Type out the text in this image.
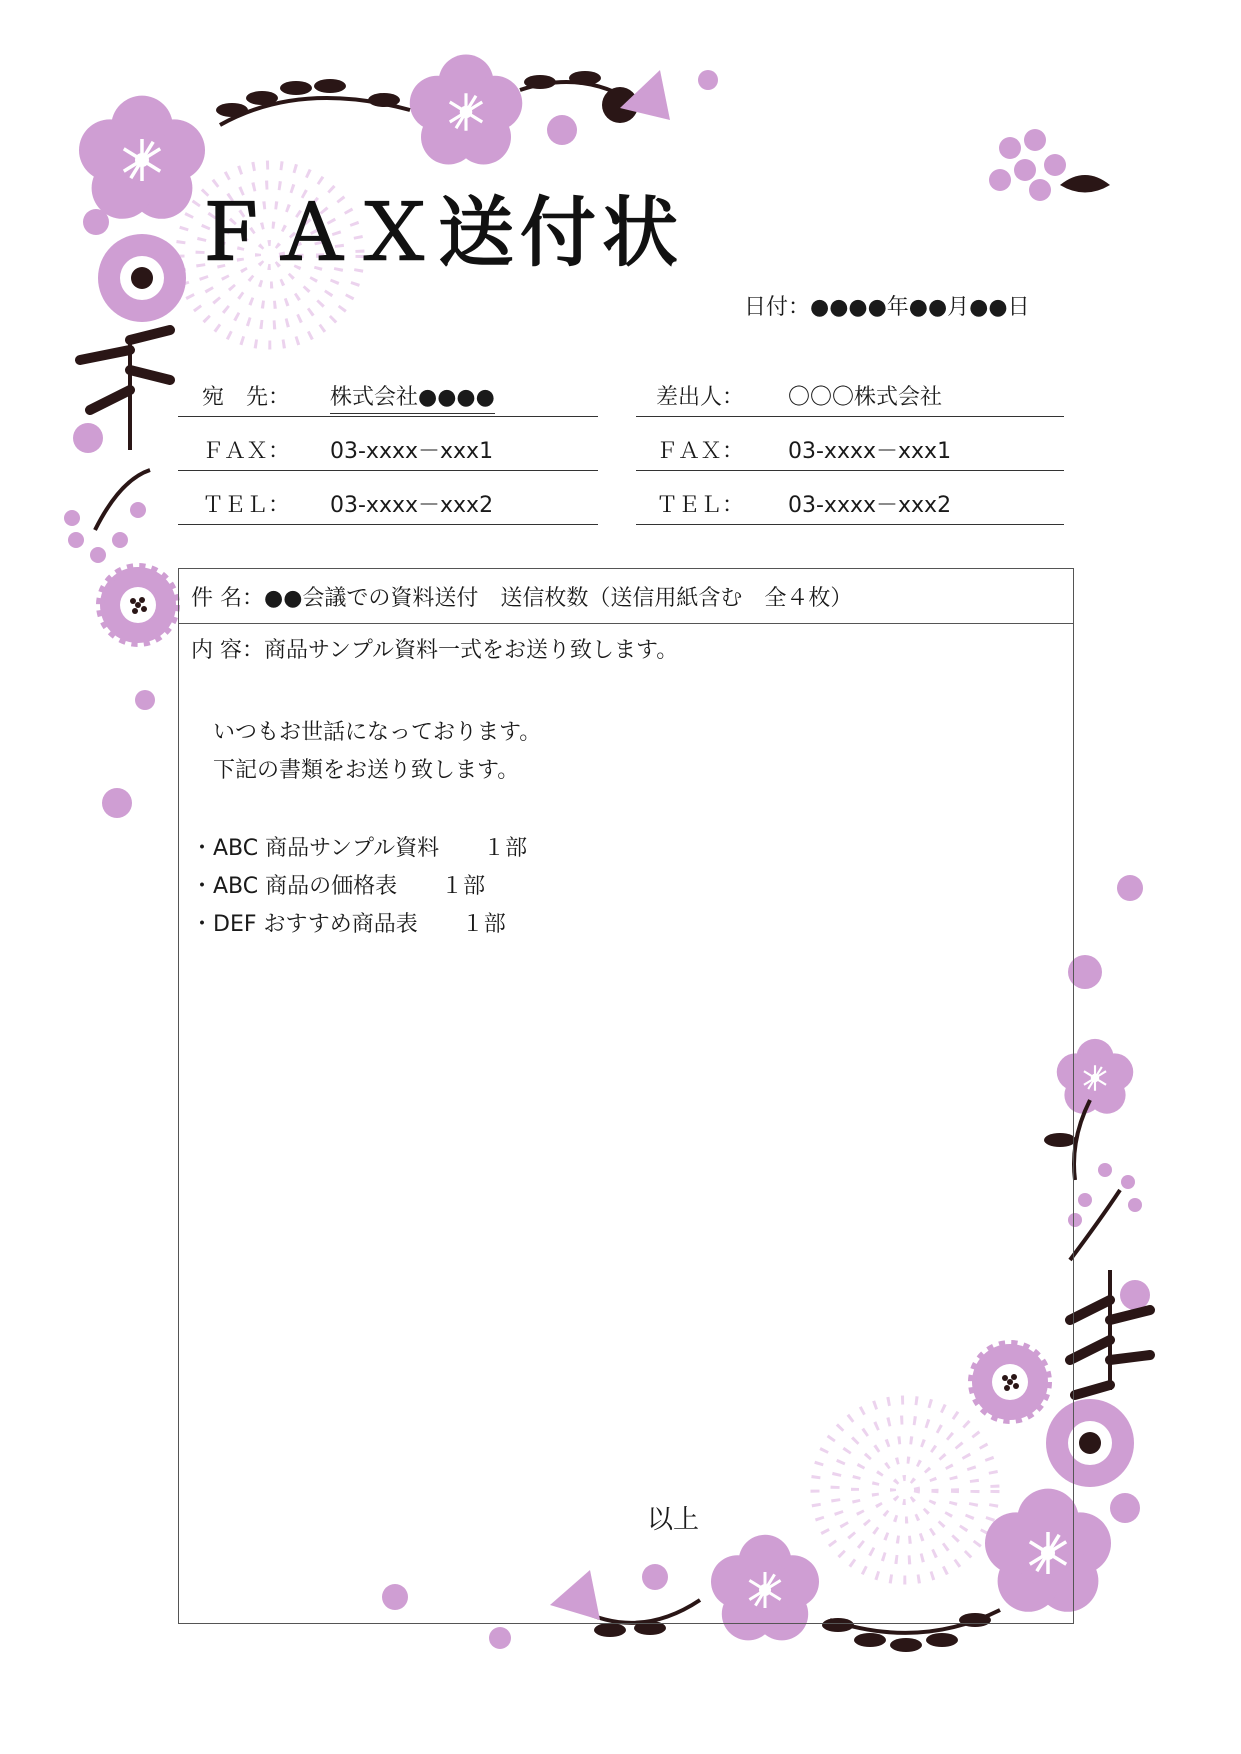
ＦＡＸ送付状
日付：●●●●年●●月●●日
宛　先： 株式会社●●●●
ＦＡＸ： 03-xxxx－xxx1
ＴＥＬ： 03-xxxx－xxx2
差出人： 〇〇〇株式会社
ＦＡＸ： 03-xxxx－xxx1
ＴＥＬ： 03-xxxx－xxx2
件 名：●●会議での資料送付　送信枚数（送信用紙含む　全４枚）
内 容：商品サンプル資料一式をお送り致します。
いつもお世話になっております。
下記の書類をお送り致します。
・ABC 商品サンプル資料　　１部
・ABC 商品の価格表　　１部
・DEF おすすめ商品表　　１部
以上
